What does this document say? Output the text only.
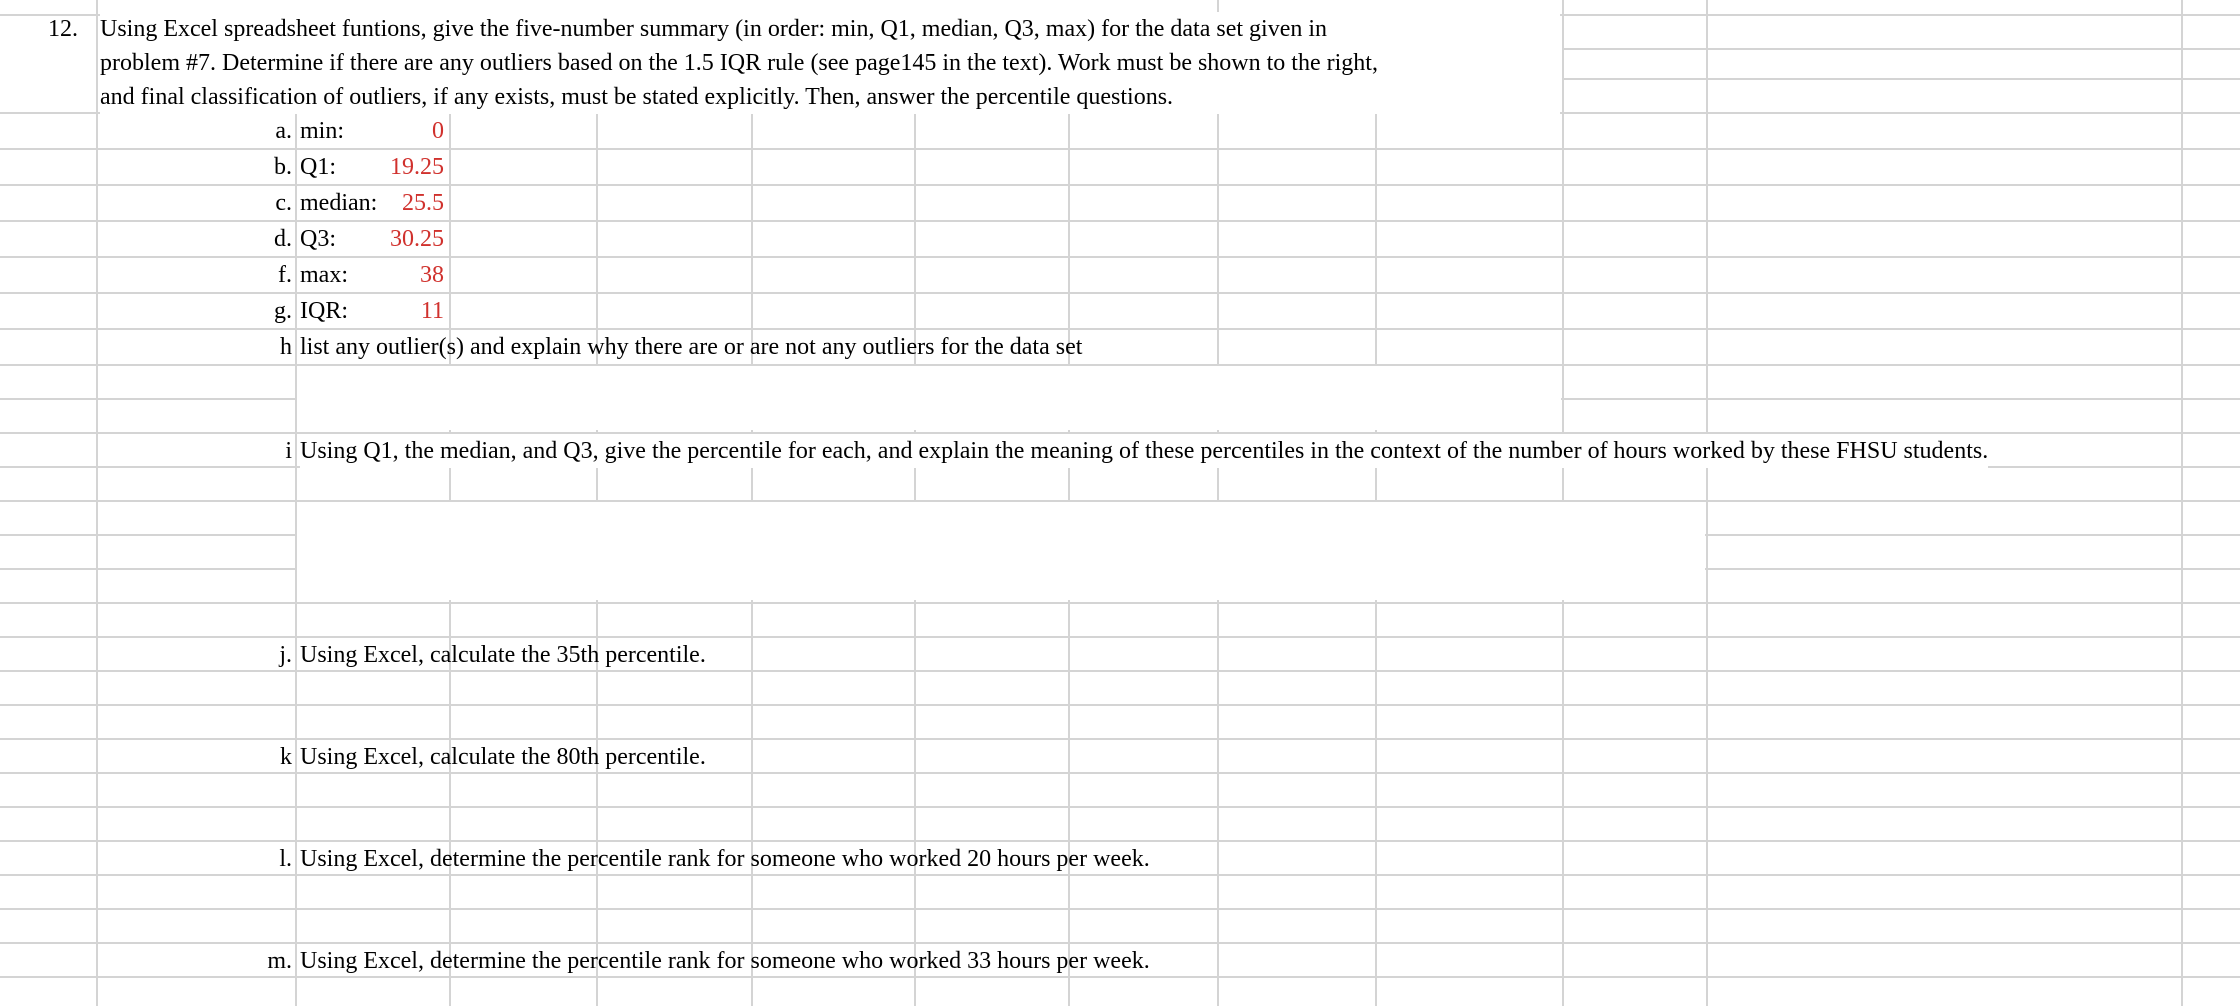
12. Using Excel spreadsheet funtions, give the five-number summary (in order: min, Q1, median, Q3, max) for the data set given in
problem #7. Determine if there are any outliers based on the 1.5 IQR rule (see page145 in the text). Work must be shown to the right,
and final classification of outliers, if any exists, must be stated explicitly. Then, answer the percentile questions.
a. min:	0
b. Q1:	19.25
c. median:	25.5
d. Q3:	30.25
f. max:	38
g. IQR:	11
h list any outlier(s) and explain why there are or are not any outliers for the data set
i Using Q1, the median, and Q3, give the percentile for each, and explain the meaning of these percentiles in the context of the number of hours worked by these FHSU students.
j. Using Excel, calculate the 35th percentile.
k Using Excel, calculate the 80th percentile.
l. Using Excel, determine the percentile rank for someone who worked 20 hours per week.
m. Using Excel, determine the percentile rank for someone who worked 33 hours per week.
